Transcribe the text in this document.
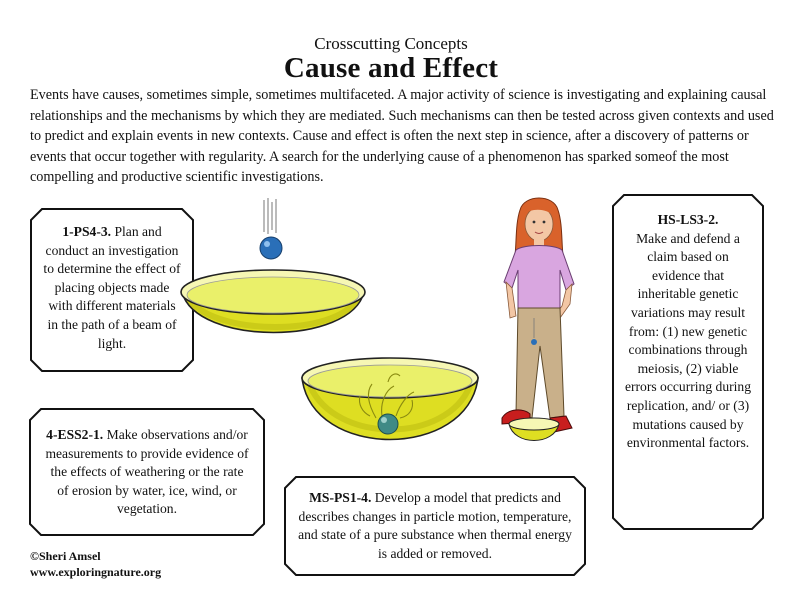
Crosscutting Concepts
Cause and Effect
Events have causes, sometimes simple, sometimes multifaceted. A major activity of science is investigating and explaining causal relationships and the mechanisms by which they are mediated. Such mechanisms can then be tested across given contexts and used to predict and explain events in new contexts. Cause and effect is often the next step in science, after a discovery of patterns or events that occur together with regularity. A search for the underlying cause of a phenomenon has sparked someof the most compelling and productive scientific investigations.
1-PS4-3. Plan and conduct an investigation to determine the effect of placing objects made with different materials in the path of a beam of light.
4-ESS2-1. Make observations and/or measurements to provide evidence of the effects of weathering or the rate of erosion by water, ice, wind, or vegetation.
MS-PS1-4. Develop a model that predicts and describes changes in particle motion, temperature, and state of a pure substance when thermal energy is added or removed.
HS-LS3-2.
Make and defend a claim based on evidence that inheritable genetic variations may result from: (1) new genetic combinations through meiosis, (2) viable errors occurring during replication, and/ or (3) mutations caused by environmental factors.
©Sheri Amsel
www.exploringnature.org
